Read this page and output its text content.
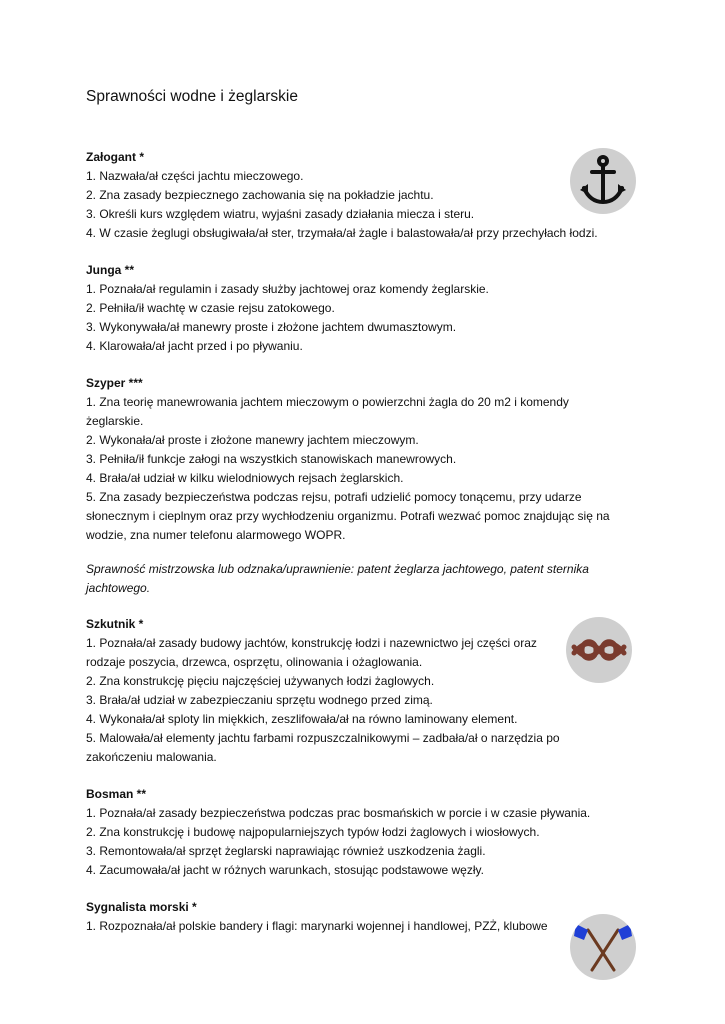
Sprawności wodne i żeglarskie
Załogant *
1. Nazwała/ał części jachtu mieczowego.
2. Zna zasady bezpiecznego zachowania się na pokładzie jachtu.
3. Określi kurs względem wiatru, wyjaśni zasady działania miecza i steru.
4. W czasie żeglugi obsługiwała/ał ster, trzymała/ał żagle i balastowała/ał przy przechyłach łodzi.
Junga **
1. Poznała/ał regulamin i zasady służby jachtowej oraz komendy żeglarskie.
2. Pełniła/ił wachtę w czasie rejsu zatokowego.
3. Wykonywała/ał manewry proste i złożone jachtem dwumasztowym.
4. Klarowała/ał jacht przed i po pływaniu.
Szyper ***
1. Zna teorię manewrowania jachtem mieczowym o powierzchni żagla do 20 m2 i komendy
żeglarskie.
2. Wykonała/ał proste i złożone manewry jachtem mieczowym.
3. Pełniła/ił funkcje załogi na wszystkich stanowiskach manewrowych.
4. Brała/ał udział w kilku wielodniowych rejsach żeglarskich.
5. Zna zasady bezpieczeństwa podczas rejsu, potrafi udzielić pomocy tonącemu, przy udarze
słonecznym i cieplnym oraz przy wychłodzeniu organizmu. Potrafi wezwać pomoc znajdując się na
wodzie, zna numer telefonu alarmowego WOPR.
Sprawność mistrzowska lub odznaka/uprawnienie: patent żeglarza jachtowego, patent sternika
jachtowego.
Szkutnik *
1. Poznała/ał zasady budowy jachtów, konstrukcję łodzi i nazewnictwo jej części oraz
rodzaje poszycia, drzewca, osprzętu, olinowania i ożaglowania.
2. Zna konstrukcję pięciu najczęściej używanych łodzi żaglowych.
3. Brała/ał udział w zabezpieczaniu sprzętu wodnego przed zimą.
4. Wykonała/ał sploty lin miękkich, zeszlifowała/ał na równo laminowany element.
5. Malowała/ał elementy jachtu farbami rozpuszczalnikowymi – zadbała/ał o narzędzia po
zakończeniu malowania.
Bosman **
1. Poznała/ał zasady bezpieczeństwa podczas prac bosmańskich w porcie i w czasie pływania.
2. Zna konstrukcję i budowę najpopularniejszych typów łodzi żaglowych i wiosłowych.
3. Remontowała/ał sprzęt żeglarski naprawiając również uszkodzenia żagli.
4. Zacumowała/ał jacht w różnych warunkach, stosując podstawowe węzły.
Sygnalista morski *
1. Rozpoznała/ał polskie bandery i flagi: marynarki wojennej i handlowej, PZŻ, klubowe
